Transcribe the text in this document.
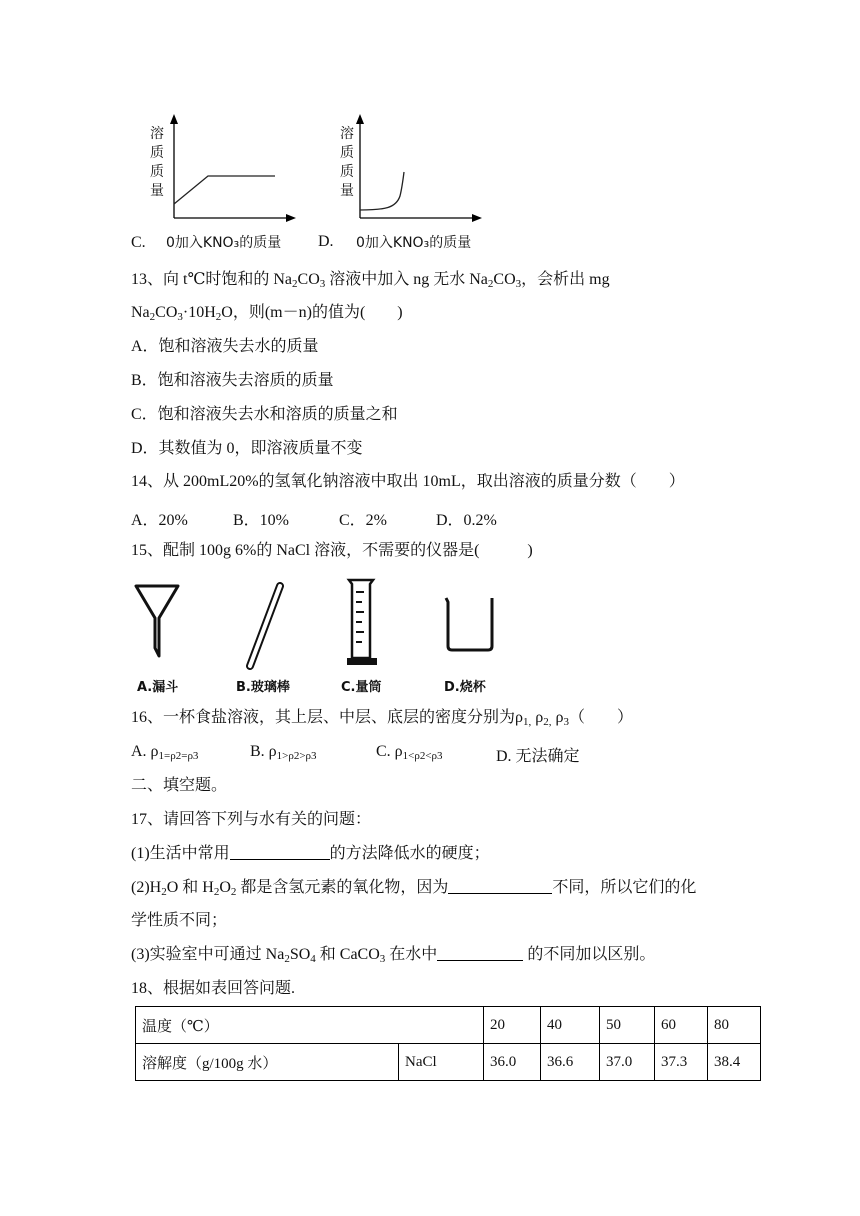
溶
质
质
量
C. 0加入KNO₃的质量
溶
质
质
量
D. 0加入KNO₃的质量
13、向 t℃时饱和的 $Na_2CO_3$ 溶液中加入 ng 无水 $Na_2CO_3$，会析出 mg
$Na_2CO_3\cdot 10H_2O$，则(m－n)的值为(　　)
A．饱和溶液失去水的质量
B．饱和溶液失去溶质的质量
C．饱和溶液失去水和溶质的质量之和
D．其数值为 0，即溶液质量不变
14、从 200mL20%的氢氧化钠溶液中取出 10mL，取出溶液的质量分数（　　）
A．20%	B．10%	C．2%	D．0.2%
15、配制 100g 6%的 NaCl 溶液，不需要的仪器是(　　　)
A.漏斗	B.玻璃棒	C.量筒	D.烧杯
16、一杯食盐溶液，其上层、中层、底层的密度分别为$\rho_{1,}$ $\rho_{2,}$ $\rho_3$（　　）
A. $\rho_{1=\rho 2=\rho 3}$	B. $\rho_{1>\rho 2>\rho 3}$	C. $\rho_{1<\rho 2<\rho 3}$	D. 无法确定
二、填空题。
17、请回答下列与水有关的问题：
(1)生活中常用	的方法降低水的硬度；
$(2)H_2O$ 和 $H_2O_2$ 都是含氢元素的氧化物，因为	不同，所以它们的化
学性质不同；
(3)实验室中可通过 $Na_2SO_4$ 和 CaCO$_3$ 在水中	的不同加以区别。
18、根据如表回答问题.
温度（℃）		20	40	50	60	80
溶解度（g/100g 水）	NaCl	36.0	36.6	37.0	37.3	38.4
